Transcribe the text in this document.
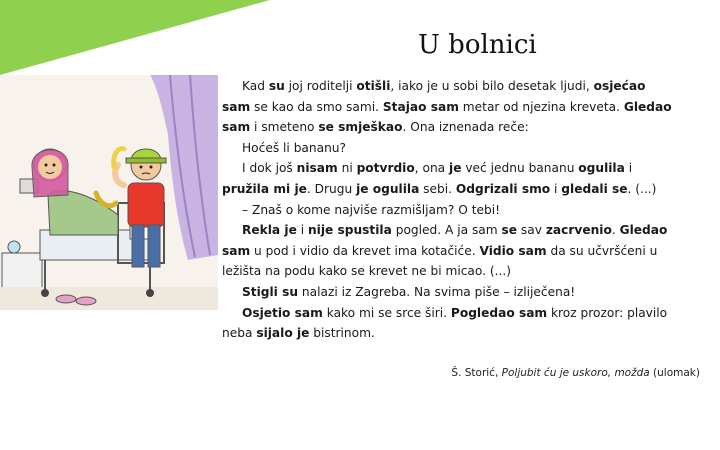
U bolnici
Kad su joj roditelji otišli, iako je u sobi bilo desetak ljudi, osjećao
sam se kao da smo sami. Stajao sam metar od njezina kreveta. Gledao
sam i smeteno se smješkao. Ona iznenada reče:
Hoćeš li bananu?
I dok još nisam ni potvrdio, ona je već jednu bananu ogulila i
pružila mi je. Drugu je ogulila sebi. Odgrizali smo i gledali se. (...)
– Znaš o kome najviše razmišljam? O tebi!
Rekla je i nije spustila pogled. A ja sam se sav zacrvenio. Gledao
sam u pod i vidio da krevet ima kotačiće. Vidio sam da su učvršćeni u
ležišta na podu kako se krevet ne bi micao. (...)
Stigli su nalazi iz Zagreba. Na svima piše – izliječena!
Osjetio sam kako mi se srce širi. Pogledao sam kroz prozor: plavilo
neba sijalo je bistrinom.
Š. Storić, Poljubit ću je uskoro, možda (ulomak)
